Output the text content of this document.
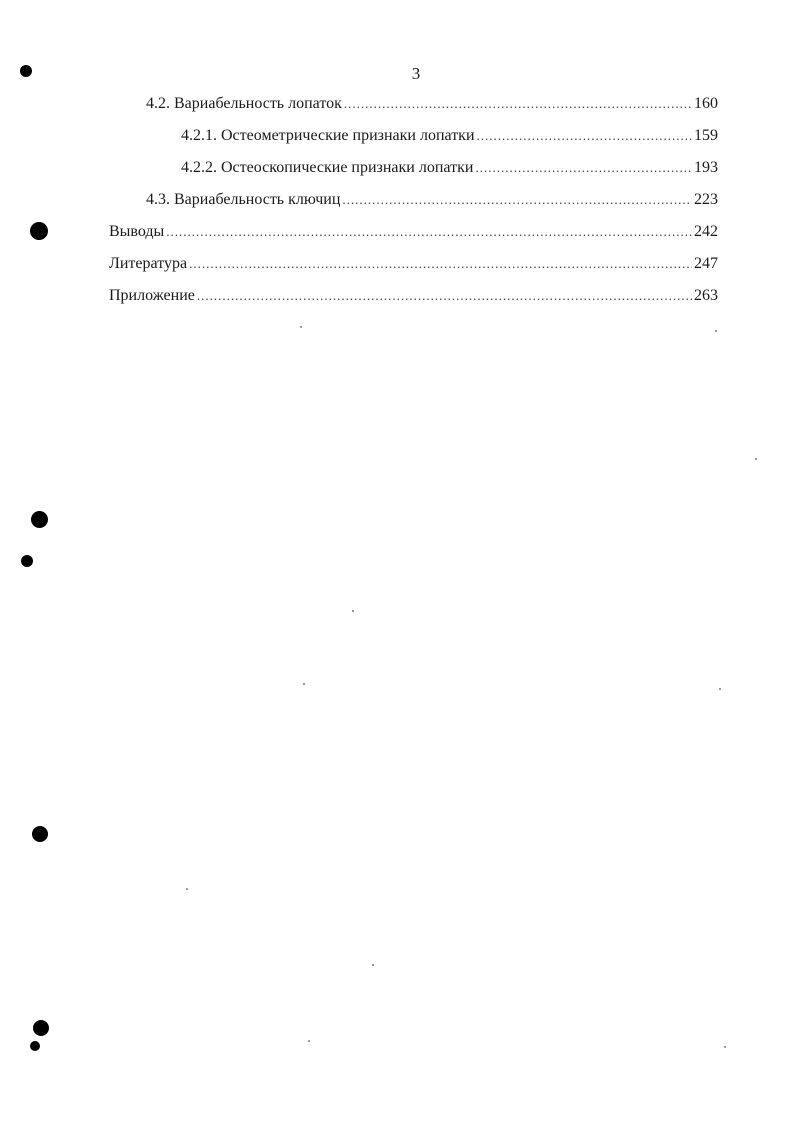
3
4.2. Вариабельность лопаток .....	160
4.2.1. Остеометрические признаки лопатки .....	159
4.2.2. Остеоскопические признаки лопатки .....	193
4.3. Вариабельность ключиц .....	223
Выводы .....	242
Литература .....	247
Приложение .....	263
